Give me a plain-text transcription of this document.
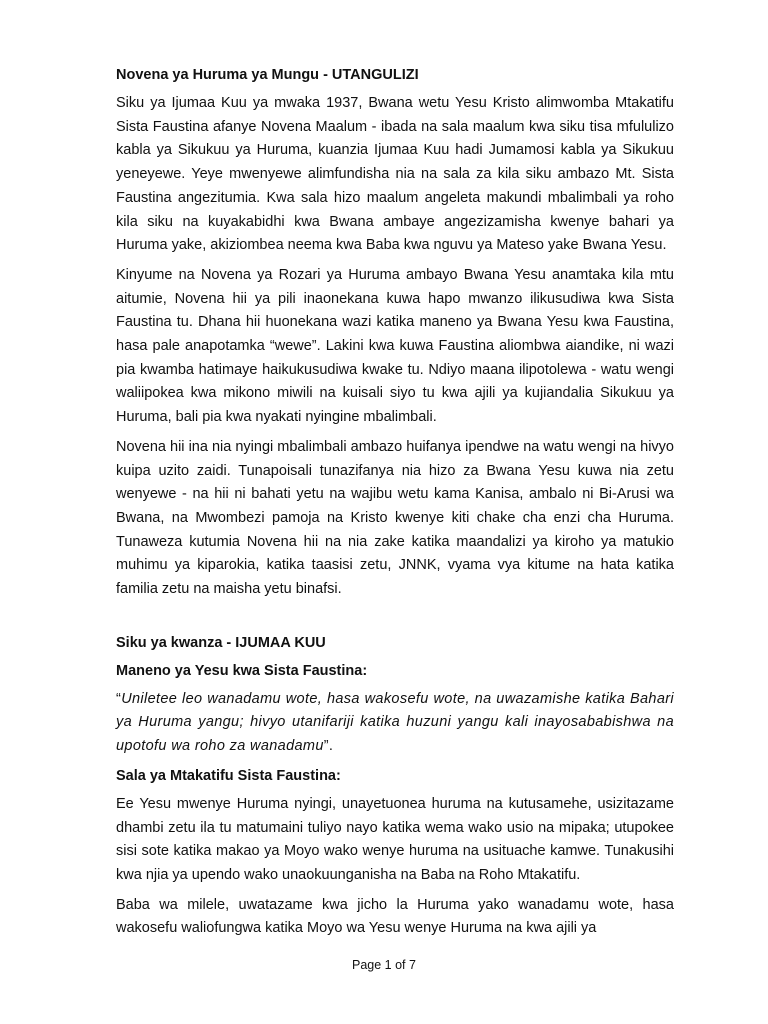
Novena ya Huruma ya Mungu - UTANGULIZI

Siku ya Ijumaa Kuu ya mwaka 1937, Bwana wetu Yesu Kristo alimwomba Mtakatifu Sista Faustina afanye Novena Maalum - ibada na sala maalum kwa siku tisa mfululizo kabla ya Sikukuu ya Huruma, kuanzia Ijumaa Kuu hadi Jumamosi kabla ya Sikukuu yeneyewe. Yeye mwenyewe alimfundisha nia na sala za kila siku ambazo Mt. Sista Faustina angezitumia. Kwa sala hizo maalum angeleta makundi mbalimbali ya roho kila siku na kuyakabidhi kwa Bwana ambaye angezizamisha kwenye bahari ya Huruma yake, akiziombea neema kwa Baba kwa nguvu ya Mateso yake Bwana Yesu.

Kinyume na Novena ya Rozari ya Huruma ambayo Bwana Yesu anamtaka kila mtu aitumie, Novena hii ya pili inaonekana kuwa hapo mwanzo ilikusudiwa kwa Sista Faustina tu. Dhana hii huonekana wazi katika maneno ya Bwana Yesu kwa Faustina, hasa pale anapotamka “wewe”. Lakini kwa kuwa Faustina aliombwa aiandike, ni wazi pia kwamba hatimaye haikukusudiwa kwake tu. Ndiyo maana ilipotolewa - watu wengi waliipokea kwa mikono miwili na kuisali siyo tu kwa ajili ya kujiandalia Sikukuu ya Huruma, bali pia kwa nyakati nyingine mbalimbali.

Novena hii ina nia nyingi mbalimbali ambazo huifanya ipendwe na watu wengi na hivyo kuipa uzito zaidi. Tunapoisali tunazifanya nia hizo za Bwana Yesu kuwa nia zetu wenyewe - na hii ni bahati yetu na wajibu wetu kama Kanisa, ambalo ni Bi-Arusi wa Bwana, na Mwombezi pamoja na Kristo kwenye kiti chake cha enzi cha Huruma. Tunaweza kutumia Novena hii na nia zake katika maandalizi ya kiroho ya matukio muhimu ya kiparokia, katika taasisi zetu, JNNK, vyama vya kitume na hata katika familia zetu na maisha yetu binafsi.

Siku ya kwanza - IJUMAA KUU
Maneno ya Yesu kwa Sista Faustina:

“Uniletee leo wanadamu wote, hasa wakosefu wote, na uwazamishe katika Bahari ya Huruma yangu; hivyo utanifariji katika huzuni yangu kali inayosababishwa na upotofu wa roho za wanadamu”.

Sala ya Mtakatifu Sista Faustina:

Ee Yesu mwenye Huruma nyingi, unayetuonea huruma na kutusamehe, usizitazame dhambi zetu ila tu matumaini tuliyo nayo katika wema wako usio na mipaka; utupokee sisi sote katika makao ya Moyo wako wenye huruma na usituache kamwe. Tunakusihi kwa njia ya upendo wako unaokuunganisha na Baba na Roho Mtakatifu.

Baba wa milele, uwatazame kwa jicho la Huruma yako wanadamu wote, hasa wakosefu waliofungwa katika Moyo wa Yesu wenye Huruma na kwa ajili ya

Page 1 of 7
